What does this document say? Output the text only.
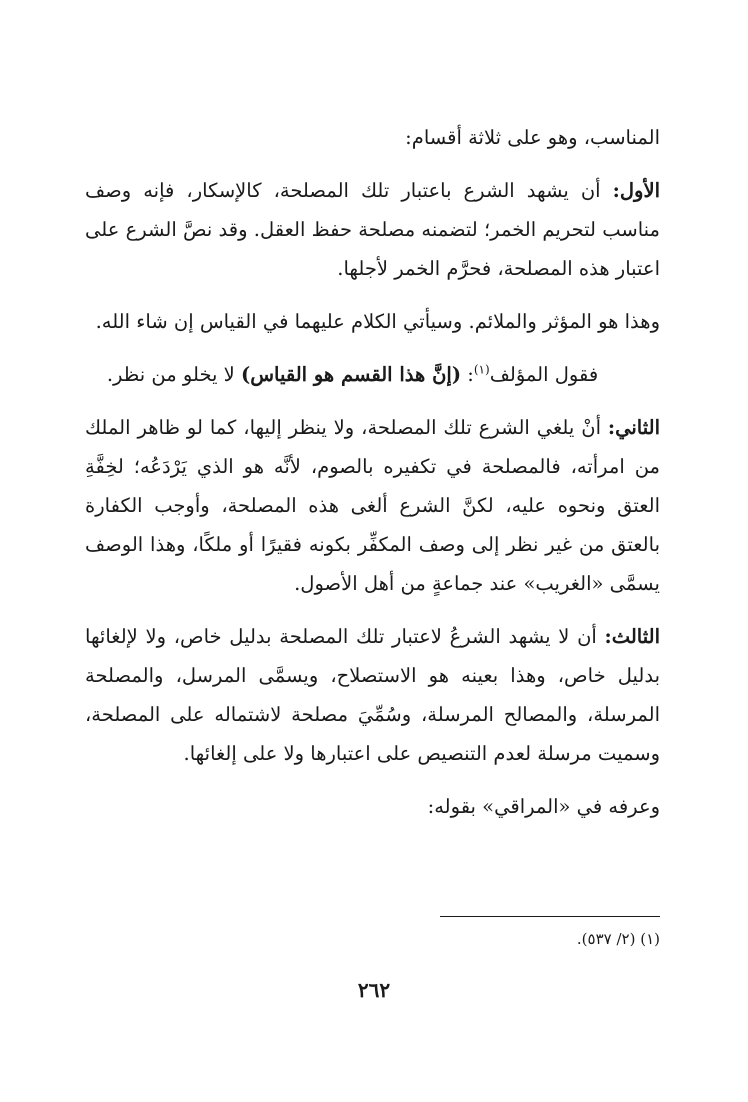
المناسب، وهو على ثلاثة أقسام:

الأول: أن يشهد الشرع باعتبار تلك المصلحة، كالإسكار، فإنه وصف مناسب لتحريم الخمر؛ لتضمنه مصلحة حفظ العقل. وقد نصَّ الشرع على اعتبار هذه المصلحة، فحرَّم الخمر لأجلها.

وهذا هو المؤثر والملائم. وسيأتي الكلام عليهما في القياس إن شاء الله.

فقول المؤلف$^{(١)}$: (إنَّ هذا القسم هو القياس) لا يخلو من نظر.

الثاني: أنْ يلغي الشرع تلك المصلحة، ولا ينظر إليها، كما لو ظاهر الملك من امرأته، فالمصلحة في تكفيره بالصوم، لأنَّه هو الذي يَرْدَعُه؛ لخِفَّةِ العتق ونحوه عليه، لكنَّ الشرع ألغى هذه المصلحة، وأوجب الكفارة بالعتق من غير نظر إلى وصف المكفِّر بكونه فقيرًا أو ملكًا، وهذا الوصف يسمَّى «الغريب» عند جماعةٍ من أهل الأصول.

الثالث: أن لا يشهد الشرعُ لاعتبار تلك المصلحة بدليل خاص، ولا لإلغائها بدليل خاص، وهذا بعينه هو الاستصلاح، ويسمَّى المرسل، والمصلحة المرسلة، والمصالح المرسلة، وسُمِّيَ مصلحة لاشتماله على المصلحة، وسميت مرسلة لعدم التنصيص على اعتبارها ولا على إلغائها.

وعرفه في «المراقي» بقوله:

(١) (٢/ ٥٣٧).
٢٦٢
